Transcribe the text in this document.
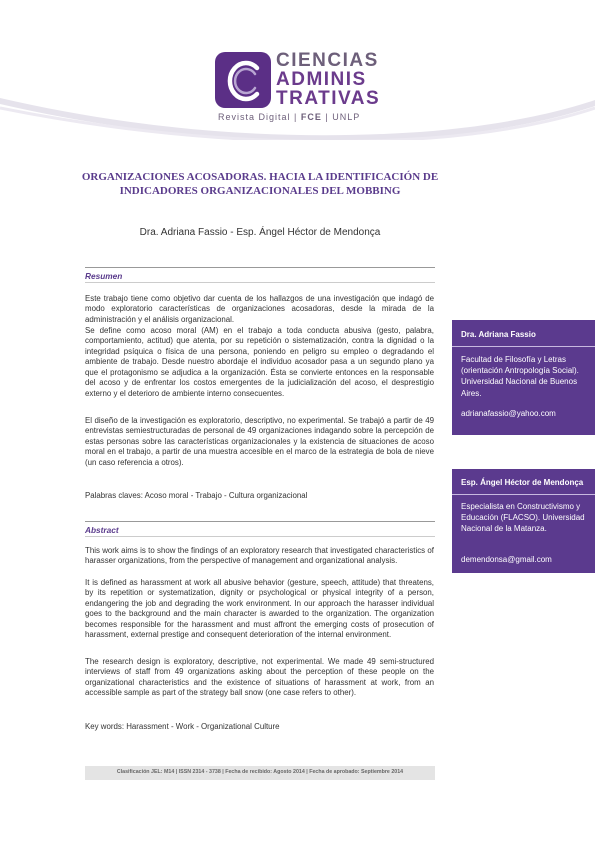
CIENCIAS
ADMINIS
TRATIVAS
Revista Digital | FCE | UNLP
ORGANIZACIONES ACOSADORAS. HACIA LA IDENTIFICACIÓN DE INDICADORES ORGANIZACIONALES DEL MOBBING
Dra. Adriana Fassio - Esp. Ángel Héctor de Mendonça
Resumen

Este trabajo tiene como objetivo dar cuenta de los hallazgos de una investigación que indagó de modo exploratorio características de organizaciones acosadoras, desde la mirada de la administración y el análisis organizacional.

Se define como acoso moral (AM) en el trabajo a toda conducta abusiva (gesto, palabra, comportamiento, actitud) que atenta, por su repetición o sistematización, contra la dignidad o la integridad psíquica o física de una persona, poniendo en peligro su empleo o degradando el ambiente de trabajo. Desde nuestro abordaje el individuo acosador pasa a un segundo plano ya que el protagonismo se adjudica a la organización. Ésta se convierte entonces en la responsable del acoso y de enfrentar los costos emergentes de la judicialización del acoso, el desprestigio externo y el deterioro de ambiente interno consecuentes.

El diseño de la investigación es exploratorio, descriptivo, no experimental. Se trabajó a partir de 49 entrevistas semiestructuradas de personal de 49 organizaciones indagando sobre la percepción de estas personas sobre las características organizacionales y la existencia de situaciones de acoso moral en el trabajo, a partir de una muestra accesible en el marco de la estrategia de bola de nieve (un caso referencia a otros).

Palabras claves: Acoso moral - Trabajo - Cultura organizacional

Abstract

This work aims is to show the findings of an exploratory research that investigated characteristics of harasser organizations, from the perspective of management and organizational analysis.

It is defined as harassment at work all abusive behavior (gesture, speech, attitude) that threatens, by its repetition or systematization, dignity or psychological or physical integrity of a person, endangering the job and degrading the work environment. In our approach the harasser individual goes to the background and the main character is awarded to the organization. The organization becomes responsible for the harassment and must affront the emerging costs of prosecution of harassment, external prestige and consequent deterioration of the internal environment.

The research design is exploratory, descriptive, not experimental. We made 49 semi-structured interviews of staff from 49 organizations asking about the perception of these people on the organizational characteristics and the existence of situations of harassment at work, from an accessible sample as part of the strategy ball snow (one case refers to other).

Key words: Harassment - Work - Organizational Culture

Dra. Adriana Fassio
Facultad de Filosofía y Letras (orientación Antropología Social). Universidad Nacional de Buenos Aires.
adrianafassio@yahoo.com
Esp. Ángel Héctor de Mendonça
Especialista en Constructivismo y Educación (FLACSO). Universidad Nacional de la Matanza.
demendonsa@gmail.com
Clasificación JEL: M14 | ISSN 2314 - 3738 | Fecha de recibido: Agosto 2014 | Fecha de aprobado: Septiembre 2014
